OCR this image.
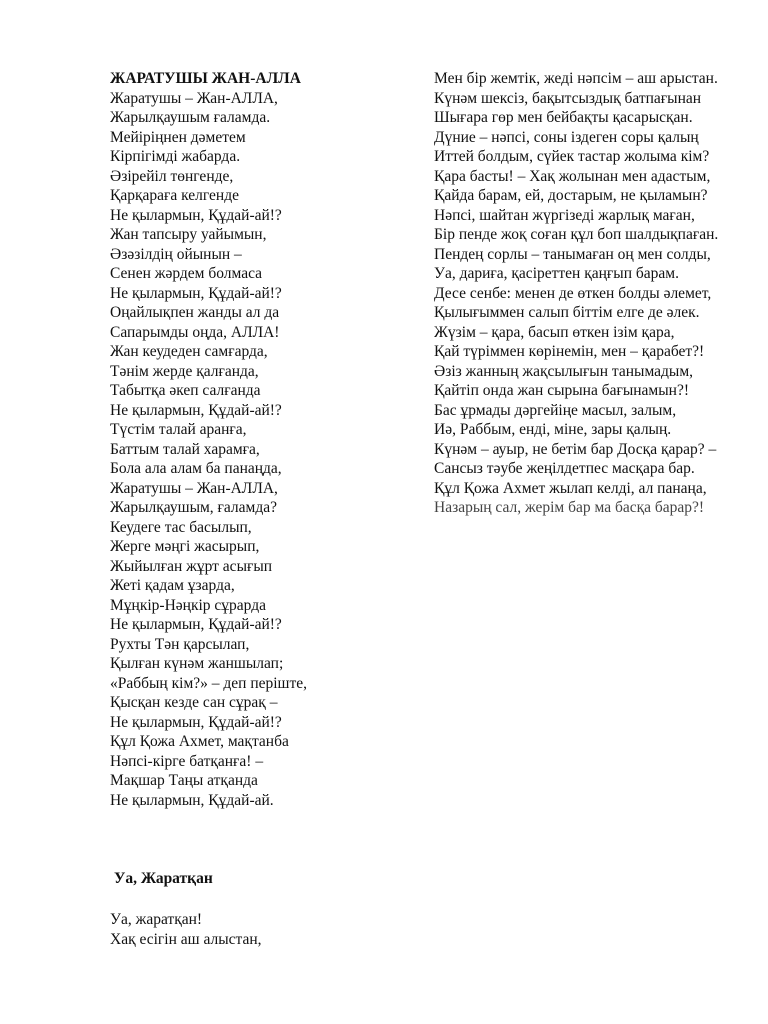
ЖАРАТУШЫ ЖАН-АЛЛА
Жаратушы – Жан-АЛЛА,
Жарылқаушым ғаламда.
Мейіріңнен дәметем
Кірпігімді жабарда.
Әзірейіл төнгенде,
Қарқараға келгенде
Не қылармын, Құдай-ай!?
Жан тапсыру уайымын,
Әзәзілдің ойынын –
Сенен жәрдем болмаса
Не қылармын, Құдай-ай!?
Оңайлықпен жанды ал да
Сапарымды оңда, АЛЛА!
Жан кеудеден самғарда,
Тәнім жерде қалғанда,
Табытқа әкеп салғанда
Не қылармын, Құдай-ай!?
Түстім талай аранға,
Баттым талай харамға,
Бола ала алам ба панаңда,
Жаратушы – Жан-АЛЛА,
Жарылқаушым, ғаламда?
Кеудеге тас басылып,
Жерге мәңгі жасырып,
Жыйылған жұрт асығып
Жеті қадам ұзарда,
Мұңкір-Нәңкір сұрарда
Не қылармын, Құдай-ай!?
Рухты Тән қарсылап,
Қылған күнәм жаншылап;
«Раббың кім?» – деп періште,
Қысқан кезде сан сұрақ –
Не қылармын, Құдай-ай!?
Құл Қожа Ахмет, мақтанба
Нәпсі-кірге батқанға! –
Мақшар Таңы атқанда
Не қылармын, Құдай-ай.
Уа, Жаратқан
Уа, жаратқан!
Хақ есігін аш алыстан,
Мен бір жемтік, жеді нәпсім – аш арыстан.
Күнәм шексіз, бақытсыздық батпағынан
Шығара гөр мен бейбақты қасарысқан.
Дүние – нәпсі, соны іздеген соры қалың
Иттей болдым, сүйек тастар жолыма кім?
Қара басты! – Хақ жолынан мен адастым,
Қайда барам, ей, достарым, не қыламын?
Нәпсі, шайтан жүргізеді жарлық маған,
Бір пенде жоқ соған құл боп шалдықпаған.
Пендең сорлы – танымаған оң мен солды,
Уа, дариға, қасіреттен қаңғып барам.
Десе сенбе: менен де өткен болды әлемет,
Қылығыммен салып біттім елге де әлек.
Жүзім – қара, басып өткен ізім қара,
Қай түріммен көрінемін, мен – қарабет?!
Әзіз жанның жақсылығын танымадым,
Қайтіп онда жан сырына бағынамын?!
Бас ұрмады дәргейіңе масыл, залым,
Иә, Раббым, енді, міне, зары қалың.
Күнәм – ауыр, не бетім бар Досқа қарар? –
Сансыз тәубе жеңілдетпес масқара бар.
Құл Қожа Ахмет жылап келді, ал панаңа,
Назарың сал, жерім бар ма басқа барар?!
